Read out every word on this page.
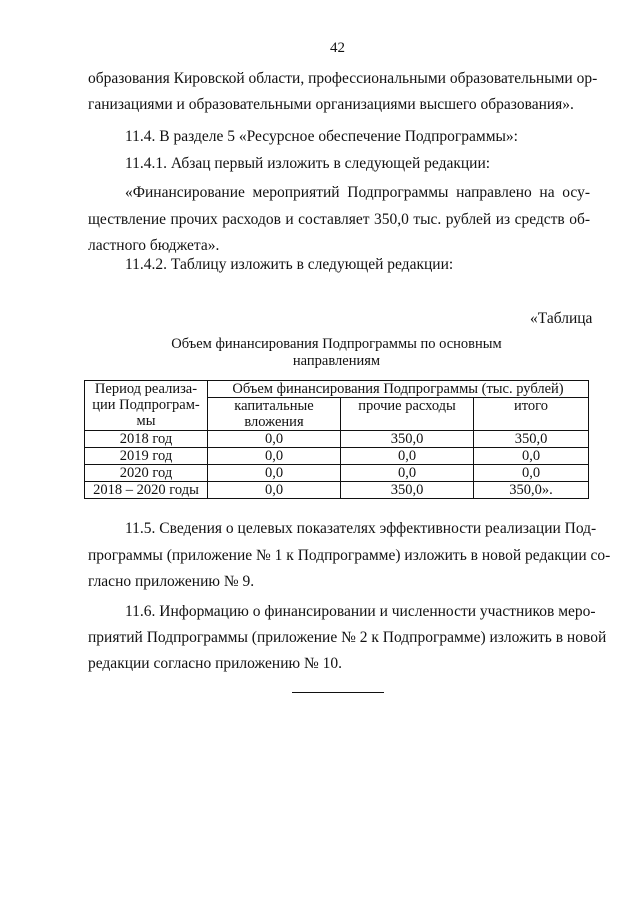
42
образования Кировской области, профессиональными образовательными ор-
ганизациями и образовательными организациями высшего образования».
11.4. В разделе 5 «Ресурсное обеспечение Подпрограммы»:
11.4.1. Абзац первый изложить в следующей редакции:
«Финансирование мероприятий Подпрограммы направлено на осу-
ществление прочих расходов и составляет 350,0 тыс. рублей из средств об-
ластного бюджета».
11.4.2. Таблицу изложить в следующей редакции:
«Таблица
Объем финансирования Подпрограммы по основным
направлениям
Период реализа-
ции Подпрограм-
мы	Объем финансирования Подпрограммы (тыс. рублей)		

	капитальные
вложения	прочие расходы	итого
2018 год	0,0	350,0	350,0
2019 год	0,0	0,0	0,0
2020 год	0,0	0,0	0,0
2018 – 2020 годы	0,0	350,0	350,0».
11.5. Сведения о целевых показателях эффективности реализации Под-
программы (приложение № 1 к Подпрограмме) изложить в новой редакции со-
гласно приложению № 9.
11.6. Информацию о финансировании и численности участников меро-
приятий Подпрограммы (приложение № 2 к Подпрограмме) изложить в новой
редакции согласно приложению № 10.
